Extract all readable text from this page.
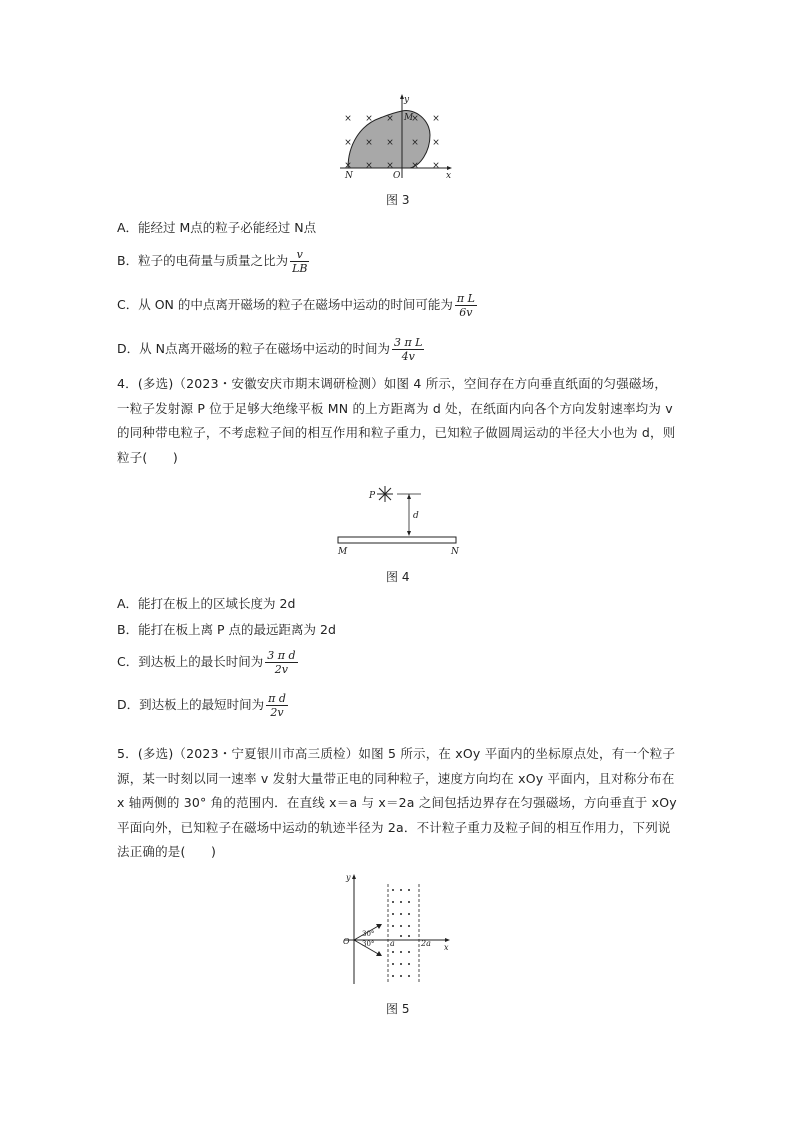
× × × × ×
× × × × ×
× × × × ×
y
x
M
N	O
图 3
A．能经过 M点的粒子必能经过 N点
B．粒子的电荷量与质量之比为 $\frac{v}{LB}$
C．从 ON 的中点离开磁场的粒子在磁场中运动的时间可能为 $\frac{\text{π L}}{6v}$
D．从 N点离开磁场的粒子在磁场中运动的时间为 $\frac{\text{3 π L}}{4v}$
4．(多选)（2023・安徽安庆市期末调研检测）如图 4 所示，空间存在方向垂直纸面的匀强磁场，一粒子发射源 P 位于足够大绝缘平板 MN 的上方距离为 d 处，在纸面内向各个方向发射速率均为 v 的同种带电粒子，不考虑粒子间的相互作用和粒子重力，已知粒子做圆周运动的半径大小也为 d，则粒子(　　)
P
d
M	N
图 4
A．能打在板上的区域长度为 2d
B．能打在板上离 P 点的最远距离为 2d
C．到达板上的最长时间为 $\frac{\text{3 π d}}{2v}$
D．到达板上的最短时间为 $\frac{\text{π d}}{2v}$
5．(多选)（2023・宁夏银川市高三质检）如图 5 所示，在 xOy 平面内的坐标原点处，有一个粒子源，某一时刻以同一速率 v 发射大量带正电的同种粒子，速度方向均在 xOy 平面内，且对称分布在 x 轴两侧的 30° 角的范围内．在直线 x＝a 与 x＝2a 之间包括边界存在匀强磁场，方向垂直于 xOy 平面向外，已知粒子在磁场中运动的轨迹半径为 2a．不计粒子重力及粒子间的相互作用力，下列说法正确的是(　　)
y
x
O	a	2a
30°
30°
图 5
